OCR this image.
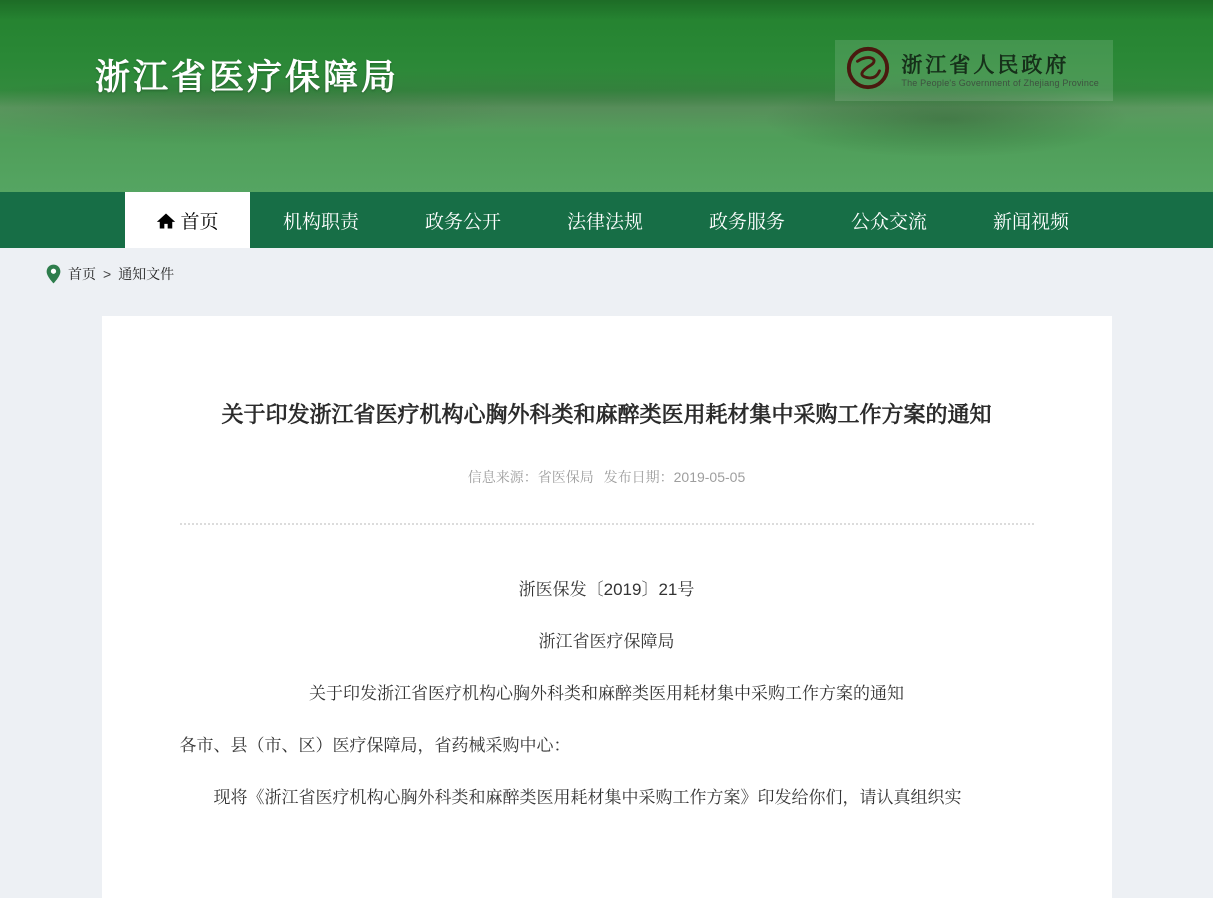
浙江省医疗保障局	浙江省人民政府
The People's Government of Zhejiang Province
首页	机构职责	政务公开	法律法规	政务服务	公众交流	新闻视频
首页 > 通知文件
关于印发浙江省医疗机构心胸外科类和麻醉类医用耗材集中采购工作方案的通知
信息来源：省医保局 发布日期：2019-05-05

浙医保发〔2019〕21号

浙江省医疗保障局

关于印发浙江省医疗机构心胸外科类和麻醉类医用耗材集中采购工作方案的通知

各市、县（市、区）医疗保障局，省药械采购中心：

现将《浙江省医疗机构心胸外科类和麻醉类医用耗材集中采购工作方案》印发给你们，请认真组织实
